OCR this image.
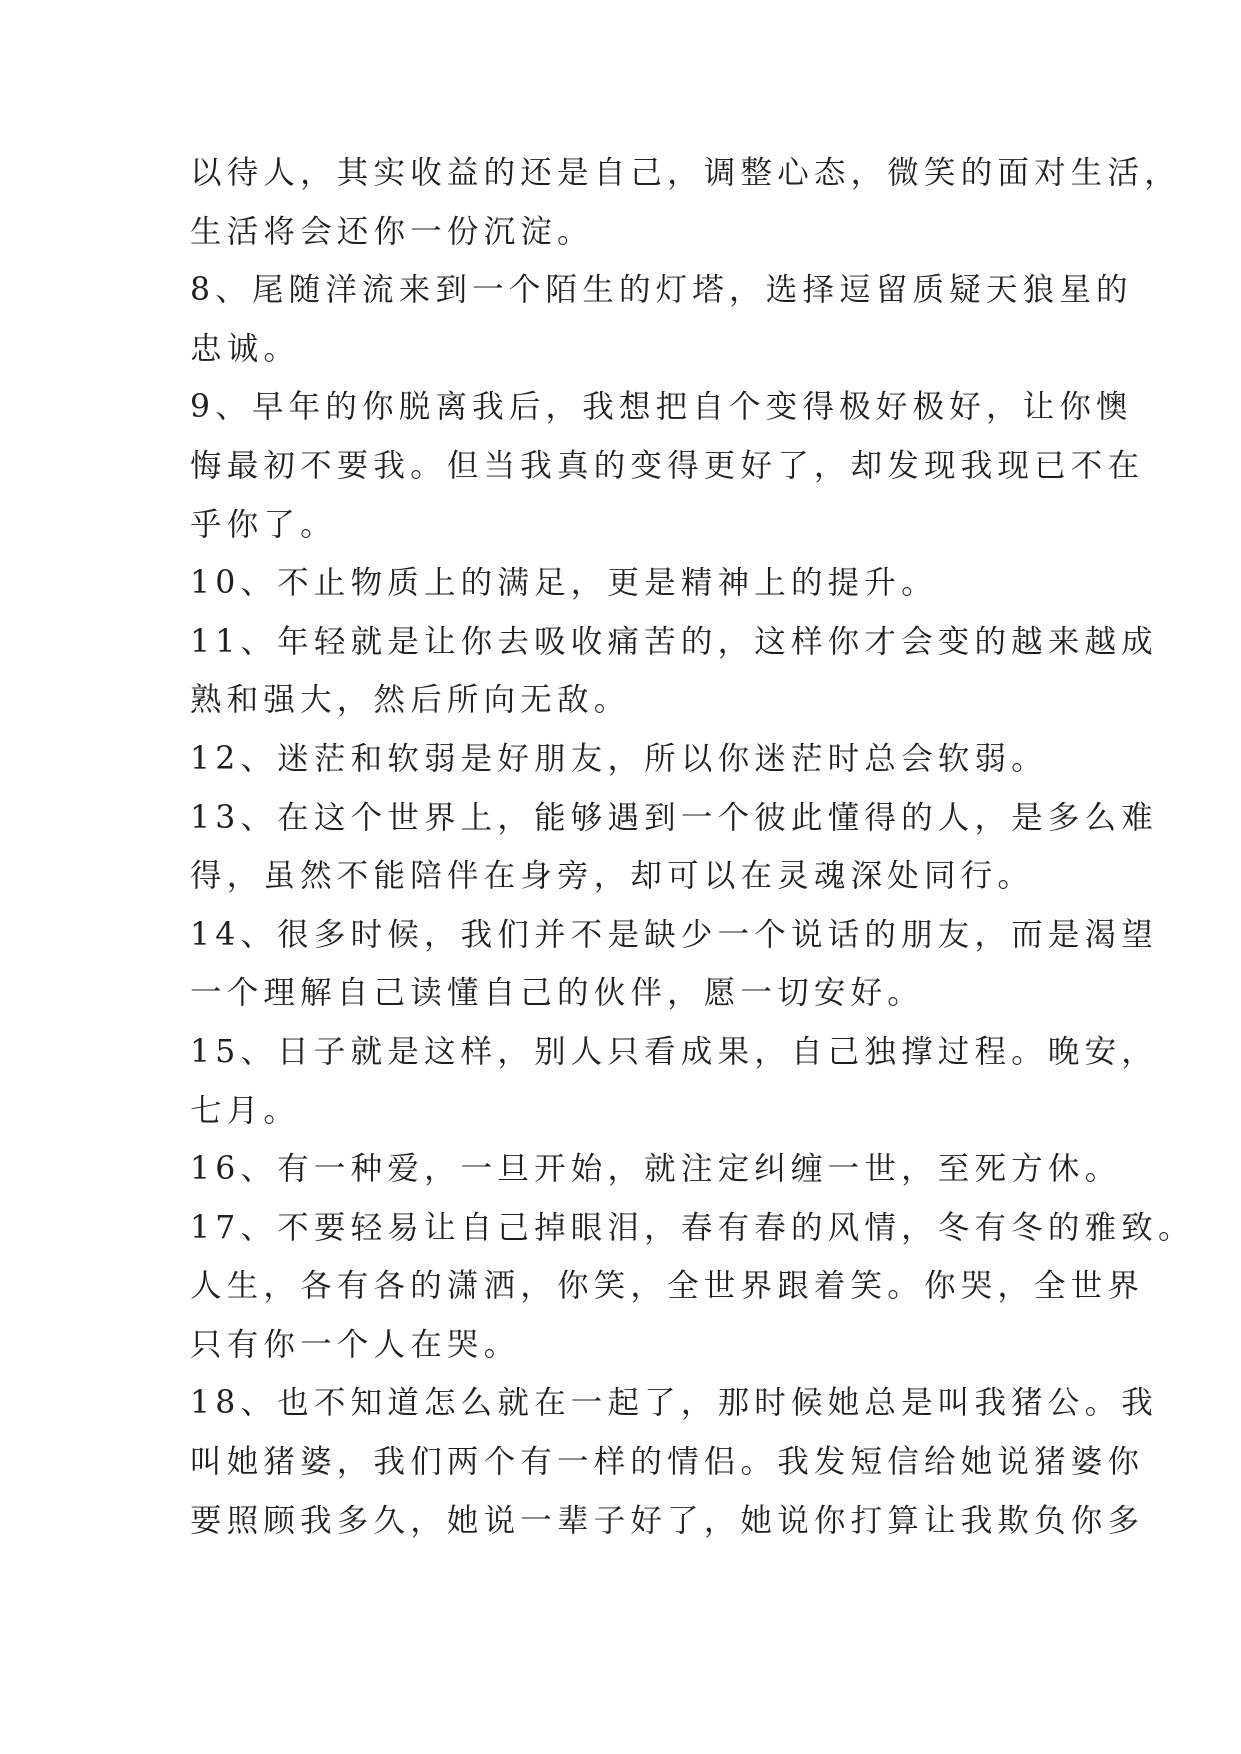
以待人，其实收益的还是自己，调整心态，微笑的面对生活，
生活将会还你一份沉淀。
8、尾随洋流来到一个陌生的灯塔，选择逗留质疑天狼星的
忠诚。
9、早年的你脱离我后，我想把自个变得极好极好，让你懊
悔最初不要我。但当我真的变得更好了，却发现我现已不在
乎你了。
10、不止物质上的满足，更是精神上的提升。
11、年轻就是让你去吸收痛苦的，这样你才会变的越来越成
熟和强大，然后所向无敌。
12、迷茫和软弱是好朋友，所以你迷茫时总会软弱。
13、在这个世界上，能够遇到一个彼此懂得的人，是多么难
得，虽然不能陪伴在身旁，却可以在灵魂深处同行。
14、很多时候，我们并不是缺少一个说话的朋友，而是渴望
一个理解自己读懂自己的伙伴，愿一切安好。
15、日子就是这样，别人只看成果，自己独撑过程。晚安，
七月。
16、有一种爱，一旦开始，就注定纠缠一世，至死方休。
17、不要轻易让自己掉眼泪，春有春的风情，冬有冬的雅致。
人生，各有各的潇洒，你笑，全世界跟着笑。你哭，全世界
只有你一个人在哭。
18、也不知道怎么就在一起了，那时候她总是叫我猪公。我
叫她猪婆，我们两个有一样的情侣。我发短信给她说猪婆你
要照顾我多久，她说一辈子好了，她说你打算让我欺负你多
